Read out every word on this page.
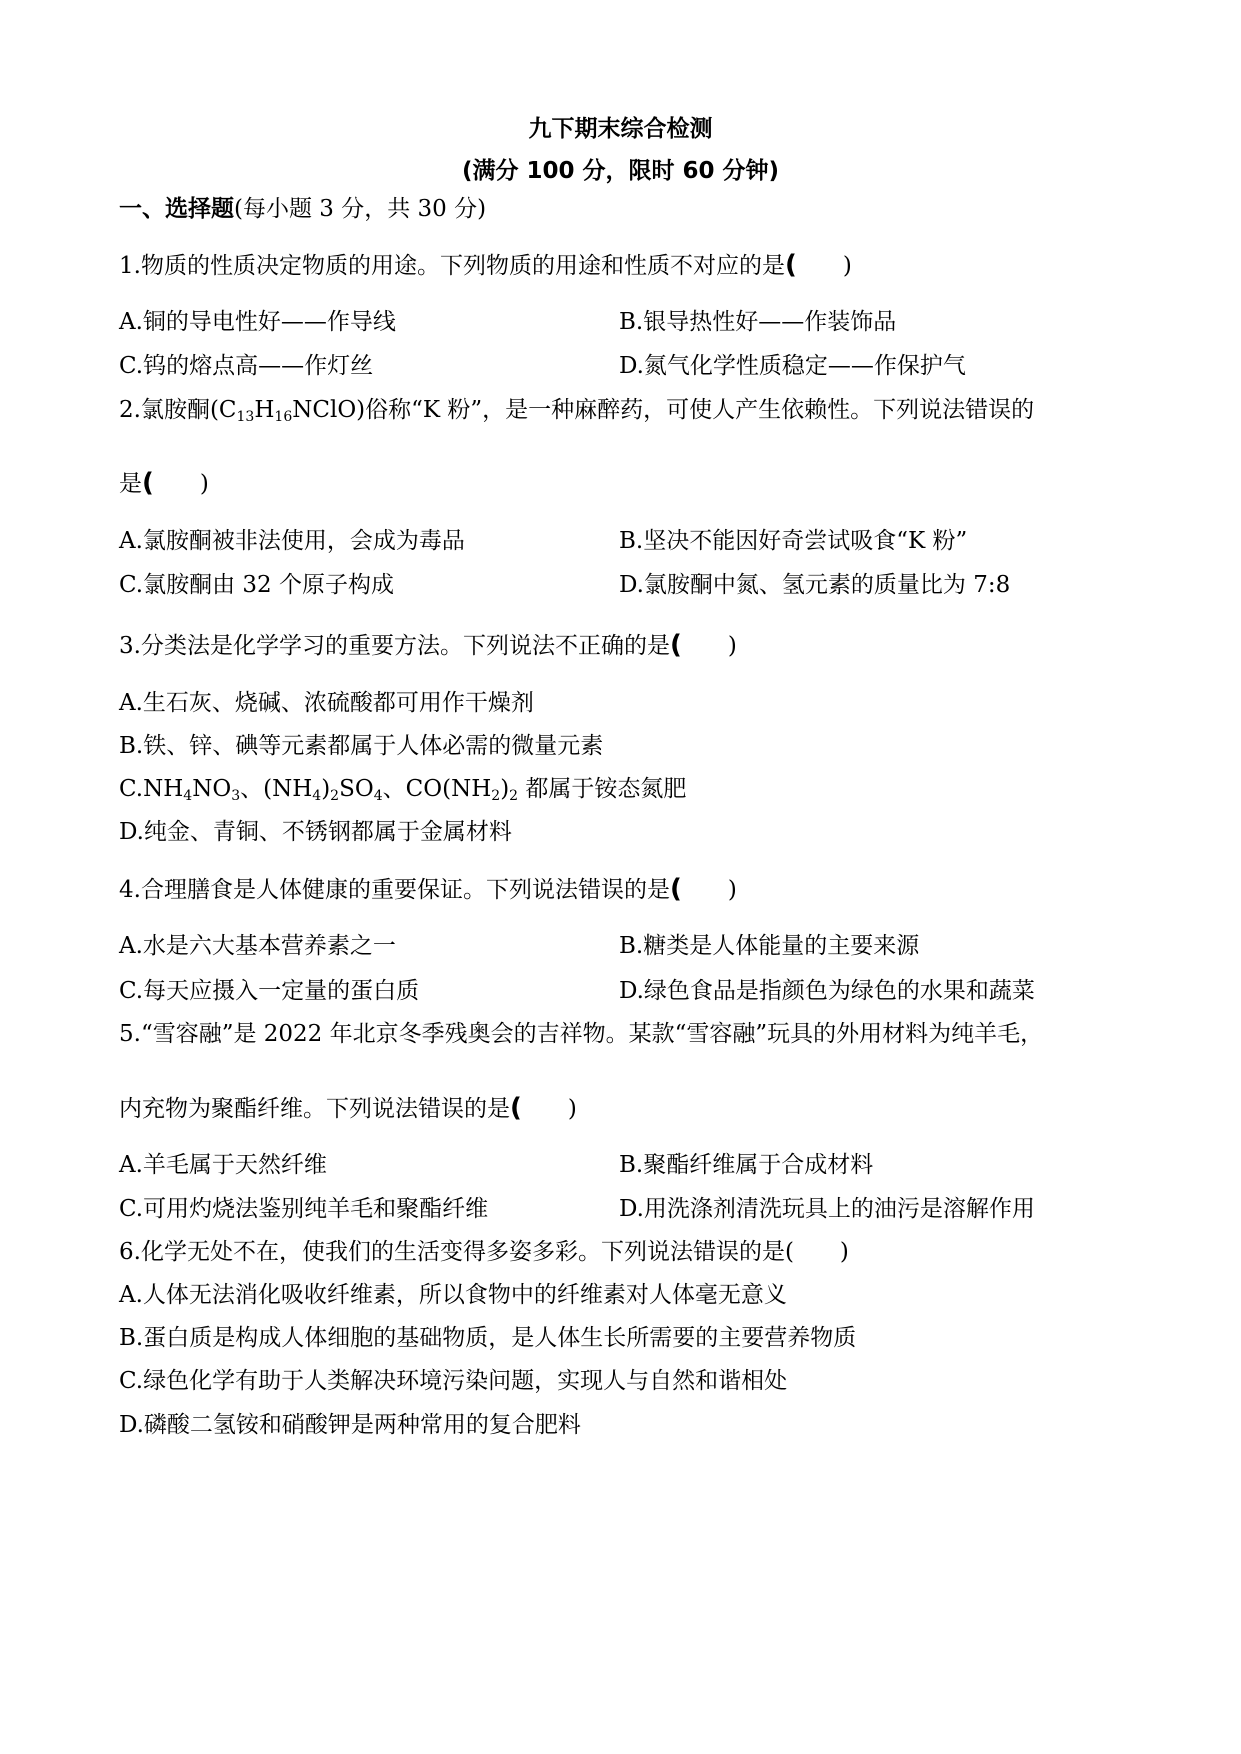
九下期末综合检测
(满分 100 分，限时 60 分钟)
一、选择题(每小题 3 分，共 30 分)
1.物质的性质决定物质的用途。下列物质的用途和性质不对应的是(　　)
A.铜的导电性好——作导线	B.银导热性好——作装饰品
C.钨的熔点高——作灯丝	D.氮气化学性质稳定——作保护气
2.氯胺酮$(C_{13}H_{16}NClO)$俗称“K 粉”，是一种麻醉药，可使人产生依赖性。下列说法错误的
是(　　)
A.氯胺酮被非法使用，会成为毒品	B.坚决不能因好奇尝试吸食“K 粉”
C.氯胺酮由 32 个原子构成	D.氯胺酮中氮、氢元素的质量比为 7:8
3.分类法是化学学习的重要方法。下列说法不正确的是(　　)
A.生石灰、烧碱、浓硫酸都可用作干燥剂
B.铁、锌、碘等元素都属于人体必需的微量元素
$C.NH_4NO_3$、$(NH_4)_2SO_4$、$CO(NH_2)_2$ 都属于铵态氮肥
D.纯金、青铜、不锈钢都属于金属材料
4.合理膳食是人体健康的重要保证。下列说法错误的是(　　)
A.水是六大基本营养素之一	B.糖类是人体能量的主要来源
C.每天应摄入一定量的蛋白质	D.绿色食品是指颜色为绿色的水果和蔬菜
5.“雪容融”是 2022 年北京冬季残奥会的吉祥物。某款“雪容融”玩具的外用材料为纯羊毛，
内充物为聚酯纤维。下列说法错误的是(　　)
A.羊毛属于天然纤维	B.聚酯纤维属于合成材料
C.可用灼烧法鉴别纯羊毛和聚酯纤维	D.用洗涤剂清洗玩具上的油污是溶解作用
6.化学无处不在，使我们的生活变得多姿多彩。下列说法错误的是(　　)
A.人体无法消化吸收纤维素，所以食物中的纤维素对人体毫无意义
B.蛋白质是构成人体细胞的基础物质，是人体生长所需要的主要营养物质
C.绿色化学有助于人类解决环境污染问题，实现人与自然和谐相处
D.磷酸二氢铵和硝酸钾是两种常用的复合肥料
